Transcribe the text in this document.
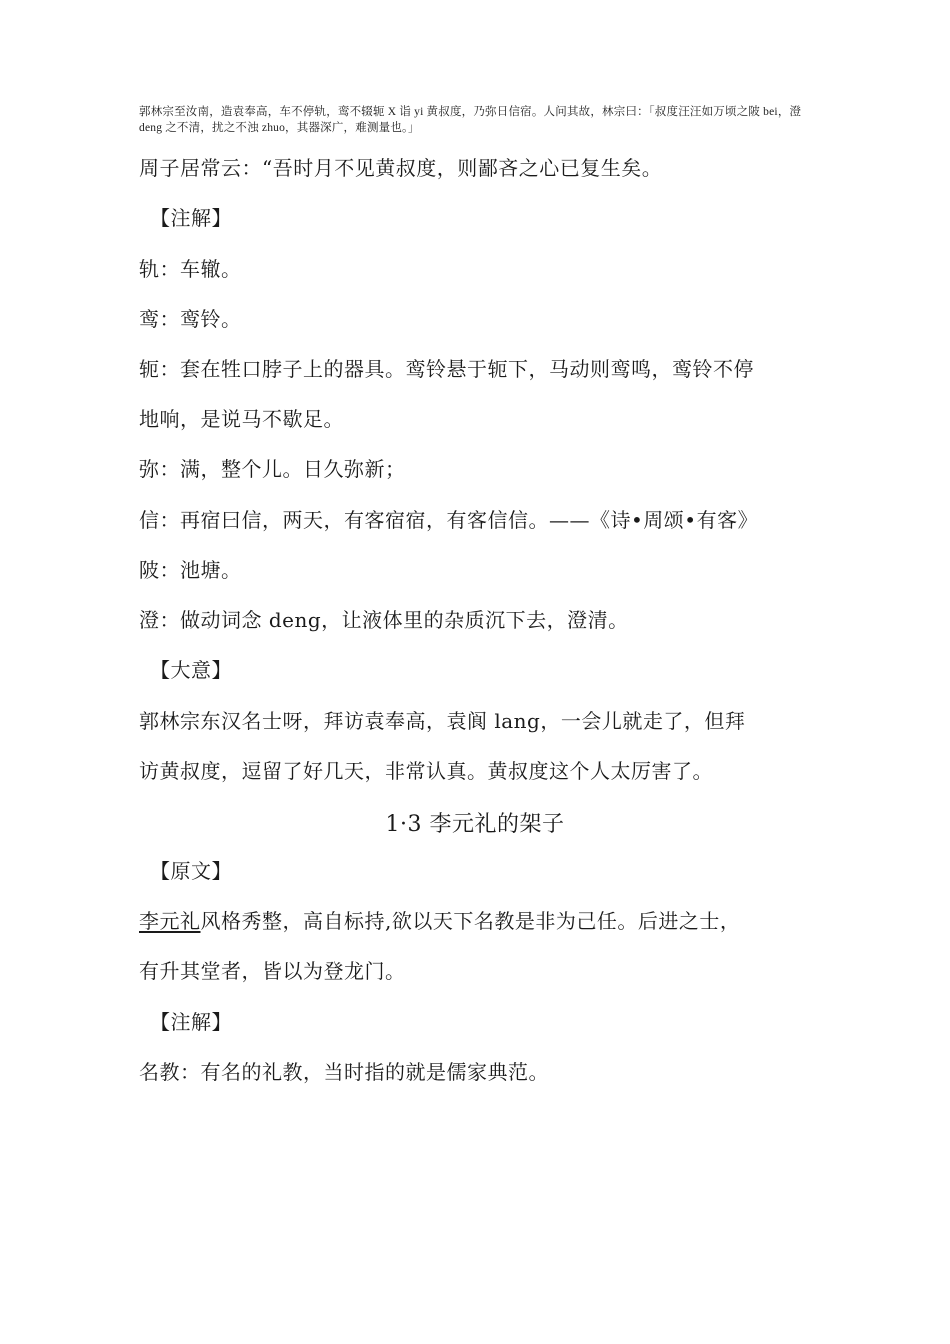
郭林宗至汝南，造袁奉高，车不停轨，鸾不辍轭 X 诣 yi 黄叔度，乃弥日信宿。人问其故，林宗曰：「叔度汪汪如万顷之陂 bei，澄 deng 之不清，扰之不浊 zhuo，其器深广，难测量也。」
周子居常云：“吾时月不见黄叔度，则鄙吝之心已复生矣。
【注解】
轨：车辙。
鸾：鸾铃。
轭：套在牲口脖子上的器具。鸾铃悬于轭下，马动则鸾鸣，鸾铃不停
地响，是说马不歇足。
弥：满，整个儿。日久弥新；
信：再宿曰信，两天，有客宿宿，有客信信。——《诗•周颂•有客》
陂：池塘。
澄：做动词念 deng，让液体里的杂质沉下去，澄清。
【大意】
郭林宗东汉名士呀，拜访袁奉高，袁阆 lang，一会儿就走了，但拜
访黄叔度，逗留了好几天，非常认真。黄叔度这个人太厉害了。
1·3 李元礼的架子
【原文】
李元礼风格秀整，高自标持,欲以天下名教是非为己任。后进之士，
有升其堂者，皆以为登龙门。
【注解】
名教：有名的礼教，当时指的就是儒家典范。
